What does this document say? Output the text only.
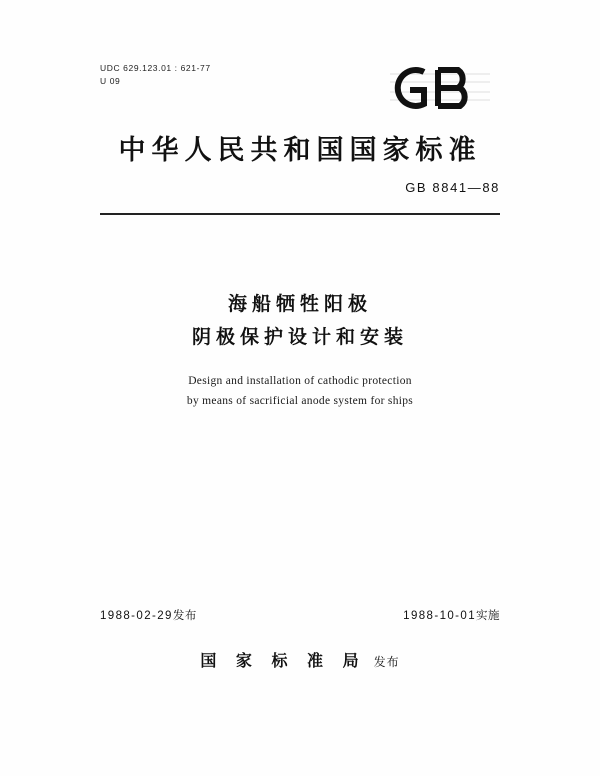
UDC 629.123.01 : 621-77
U 09
中华人民共和国国家标准
GB 8841—88
海船牺牲阳极
阴极保护设计和安装
Design and installation of cathodic protection
by means of sacrificial anode system for ships
1988-02-29发布	1988-10-01实施
国 家 标 准 局 发布
